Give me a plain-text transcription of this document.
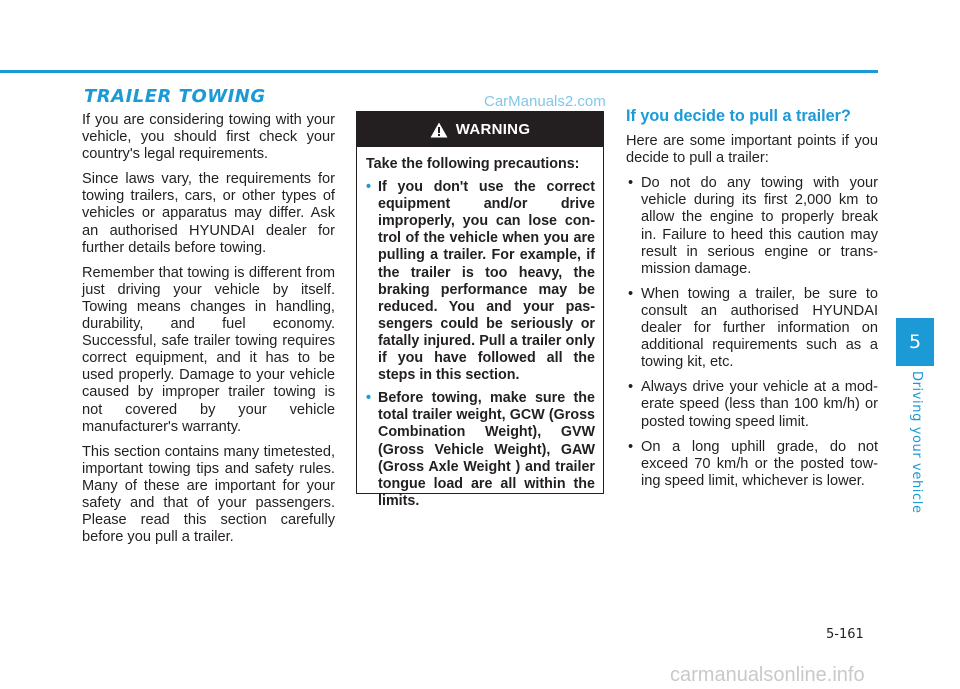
TRAILER TOWING	CarManuals2.com

If you are considering towing with your vehicle, you should first check your country's legal requirements.

Since laws vary, the requirements for towing trailers, cars, or other types of vehicles or apparatus may differ. Ask an authorised HYUNDAI dealer for further details before towing.

Remember that towing is different from just driving your vehicle by itself. Towing means changes in handling, durability, and fuel economy. Successful, safe trailer towing requires correct equipment, and it has to be used properly. Damage to your vehicle caused by improper trailer towing is not covered by your vehicle manufacturer's warranty.

This section contains many timetested, important towing tips and safety rules. Many of these are important for your safety and that of your passengers. Please read this section carefully before you pull a trailer.

WARNING

Take the following precautions:

• If you don't use the correct equipment and/or drive improperly, you can lose control of the vehicle when you are pulling a trailer. For example, if the trailer is too heavy, the braking performance may be reduced. You and your passengers could be seriously or fatally injured. Pull a trailer only if you have followed all the steps in this section.
• Before towing, make sure the total trailer weight, GCW (Gross Combination Weight), GVW (Gross Vehicle Weight), GAW (Gross Axle Weight ) and trailer tongue load are all within the limits.
If you decide to pull a trailer?

Here are some important points if you decide to pull a trailer:

• Do not do any towing with your vehicle during its first 2,000 km to allow the engine to properly break in. Failure to heed this caution may result in serious engine or transmission damage.
• When towing a trailer, be sure to consult an authorised HYUNDAI dealer for further information on additional requirements such as a towing kit, etc.
• Always drive your vehicle at a moderate speed (less than 100 km/h) or posted towing speed limit.
• On a long uphill grade, do not exceed 70 km/h or the posted towing speed limit, whichever is lower.
5
Driving your vehicle
5-161
carmanualsonline.info
